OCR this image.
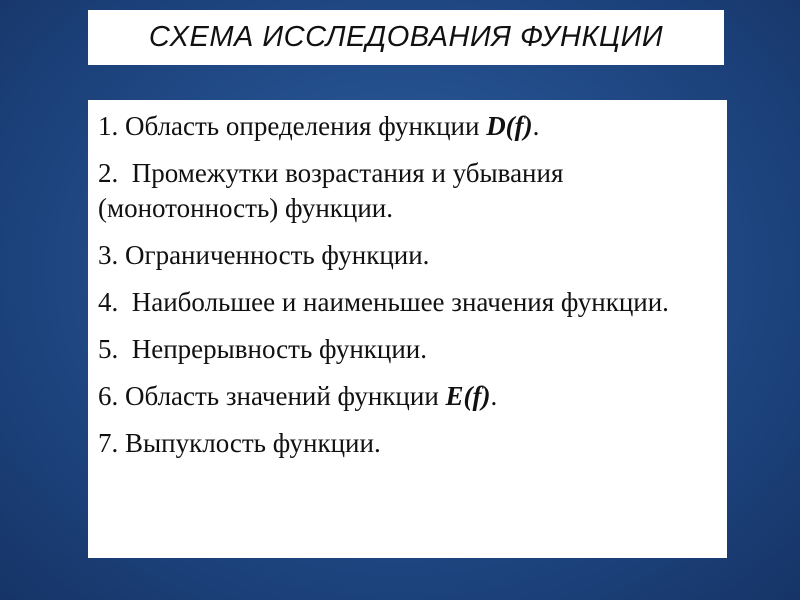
СХЕМА ИССЛЕДОВАНИЯ ФУНКЦИИ
1. Область определения функции D(f).
2.  Промежутки возрастания и убывания (монотонность) функции.
3. Ограниченность функции.
4.  Наибольшее и наименьшее значения функции.
5.  Непрерывность функции.
6. Область значений функции E(f).
7. Выпуклость функции.
